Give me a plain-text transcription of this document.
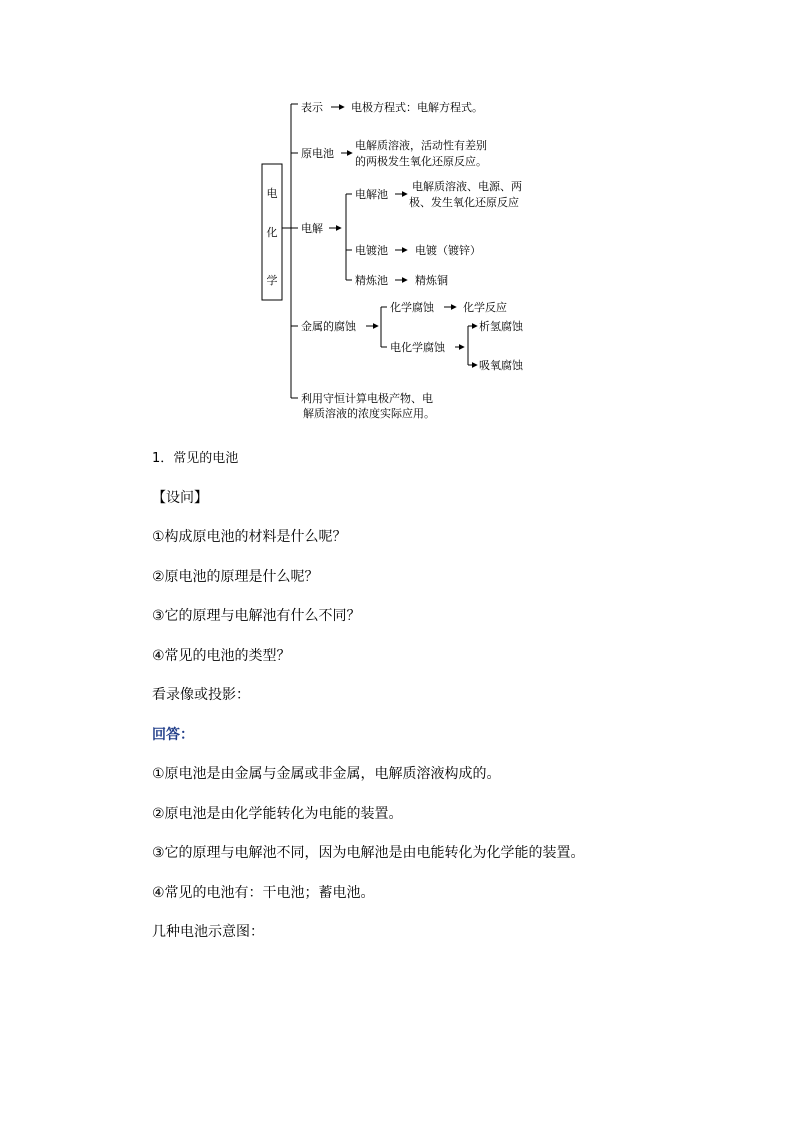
电
化
学
表示	电极方程式：电解方程式。
原电池
电解质溶液，活动性有差别
的两极发生氧化还原反应。
电解
电解池
电解质溶液、电源、两
极、发生氧化还原反应
电镀池 电镀（镀锌）
精炼池 精炼铜
金属的腐蚀
化学腐蚀	化学反应
电化学腐蚀
析氢腐蚀
吸氧腐蚀
利用守恒计算电极产物、电
解质溶液的浓度实际应用。
1．常见的电池
【设问】
①构成原电池的材料是什么呢？
②原电池的原理是什么呢？
③它的原理与电解池有什么不同？
④常见的电池的类型？
看录像或投影：
回答：
①原电池是由金属与金属或非金属，电解质溶液构成的。
②原电池是由化学能转化为电能的装置。
③它的原理与电解池不同，因为电解池是由电能转化为化学能的装置。
④常见的电池有：干电池；蓄电池。
几种电池示意图：
